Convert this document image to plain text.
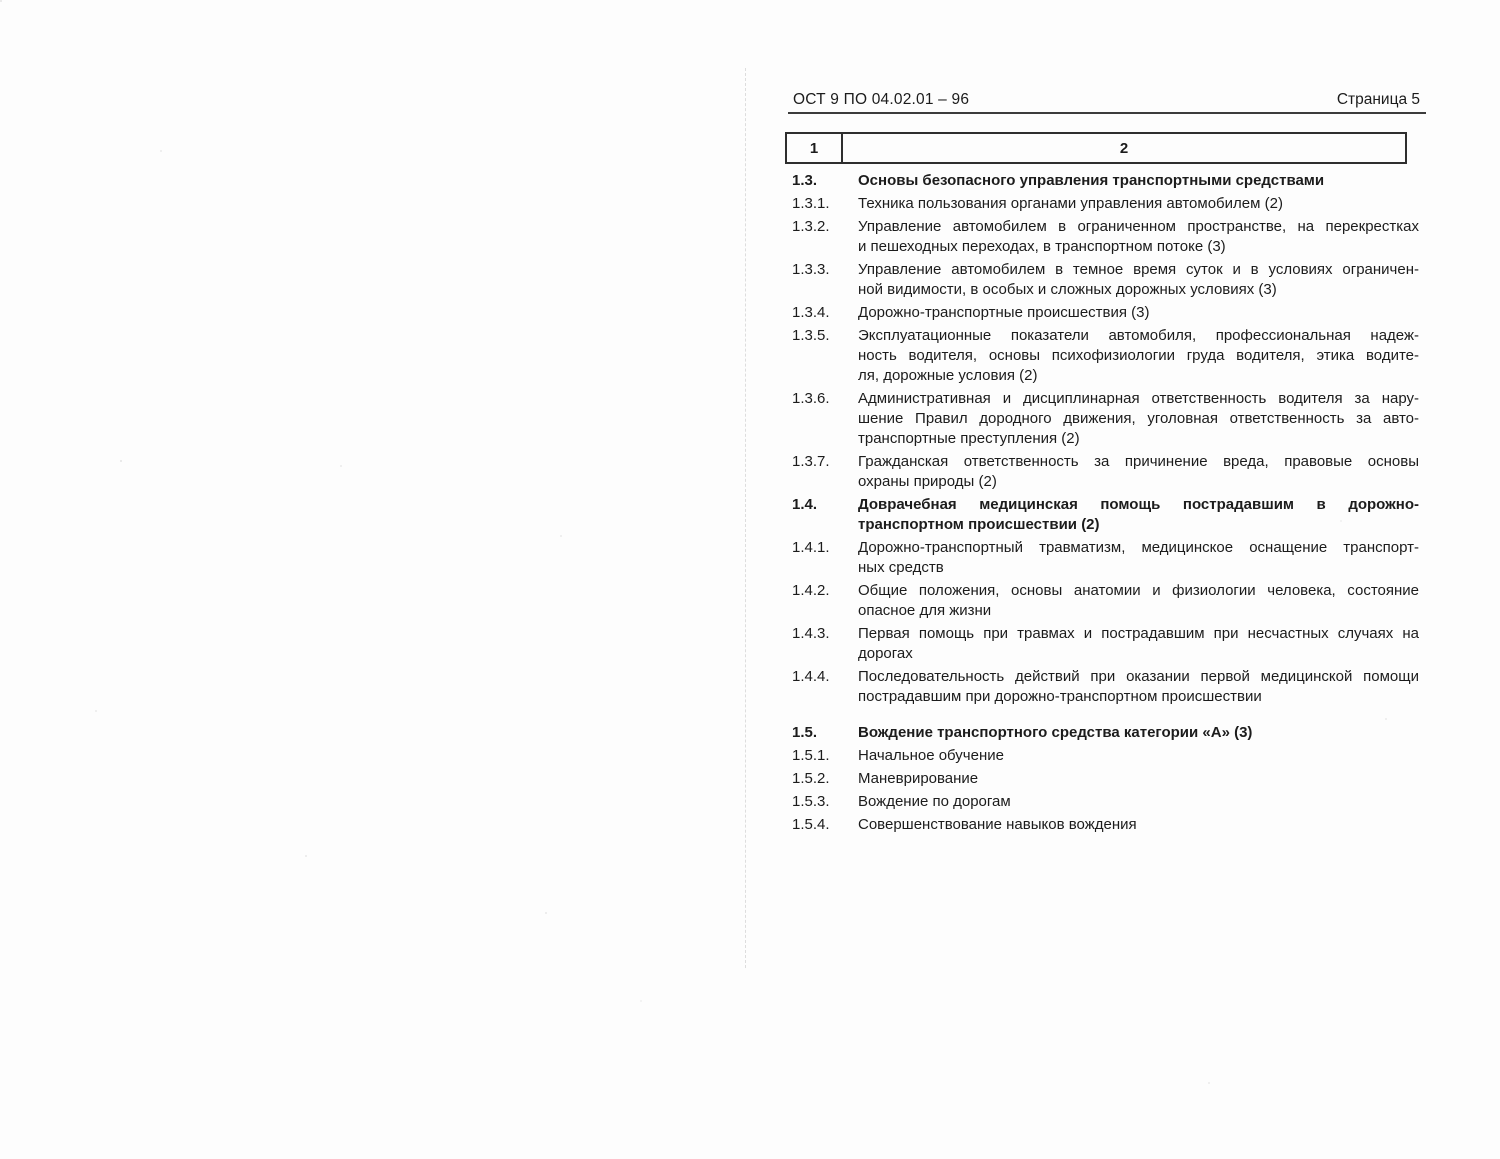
ОСТ 9 ПО 04.02.01 – 96	Страница 5
1	2
1.3.	Основы безопасного управления транспортными средствами
1.3.1.	Техника пользования органами управления автомобилем (2)
1.3.2.	Управление автомобилем в ограниченном пространстве, на перекрестках
и пешеходных переходах, в транспортном потоке (3)
1.3.3.	Управление автомобилем в темное время суток и в условиях ограничен-
ной видимости, в особых и сложных дорожных условиях (3)
1.3.4.	Дорожно-транспортные происшествия (3)
1.3.5.	Эксплуатационные показатели автомобиля, профессиональная надеж-
ность водителя, основы психофизиологии груда водителя, этика водите-
ля, дорожные условия (2)
1.3.6.	Административная и дисциплинарная ответственность водителя за нару-
шение Правил дородного движения, уголовная ответственность за авто-
транспортные преступления (2)
1.3.7.	Гражданская ответственность за причинение вреда, правовые основы
охраны природы (2)
1.4.	Доврачебная медицинская помощь пострадавшим в дорожно-
транспортном происшествии (2)
1.4.1.	Дорожно-транспортный травматизм, медицинское оснащение транспорт-
ных средств
1.4.2.	Общие положения, основы анатомии и физиологии человека, состояние
опасное для жизни
1.4.3.	Первая помощь при травмах и пострадавшим при несчастных случаях на
дорогах
1.4.4.	Последовательность действий при оказании первой медицинской помощи
пострадавшим при дорожно-транспортном происшествии
1.5.	Вождение транспортного средства категории «А» (3)
1.5.1.	Начальное обучение
1.5.2.	Маневрирование
1.5.3.	Вождение по дорогам
1.5.4.	Совершенствование навыков вождения
